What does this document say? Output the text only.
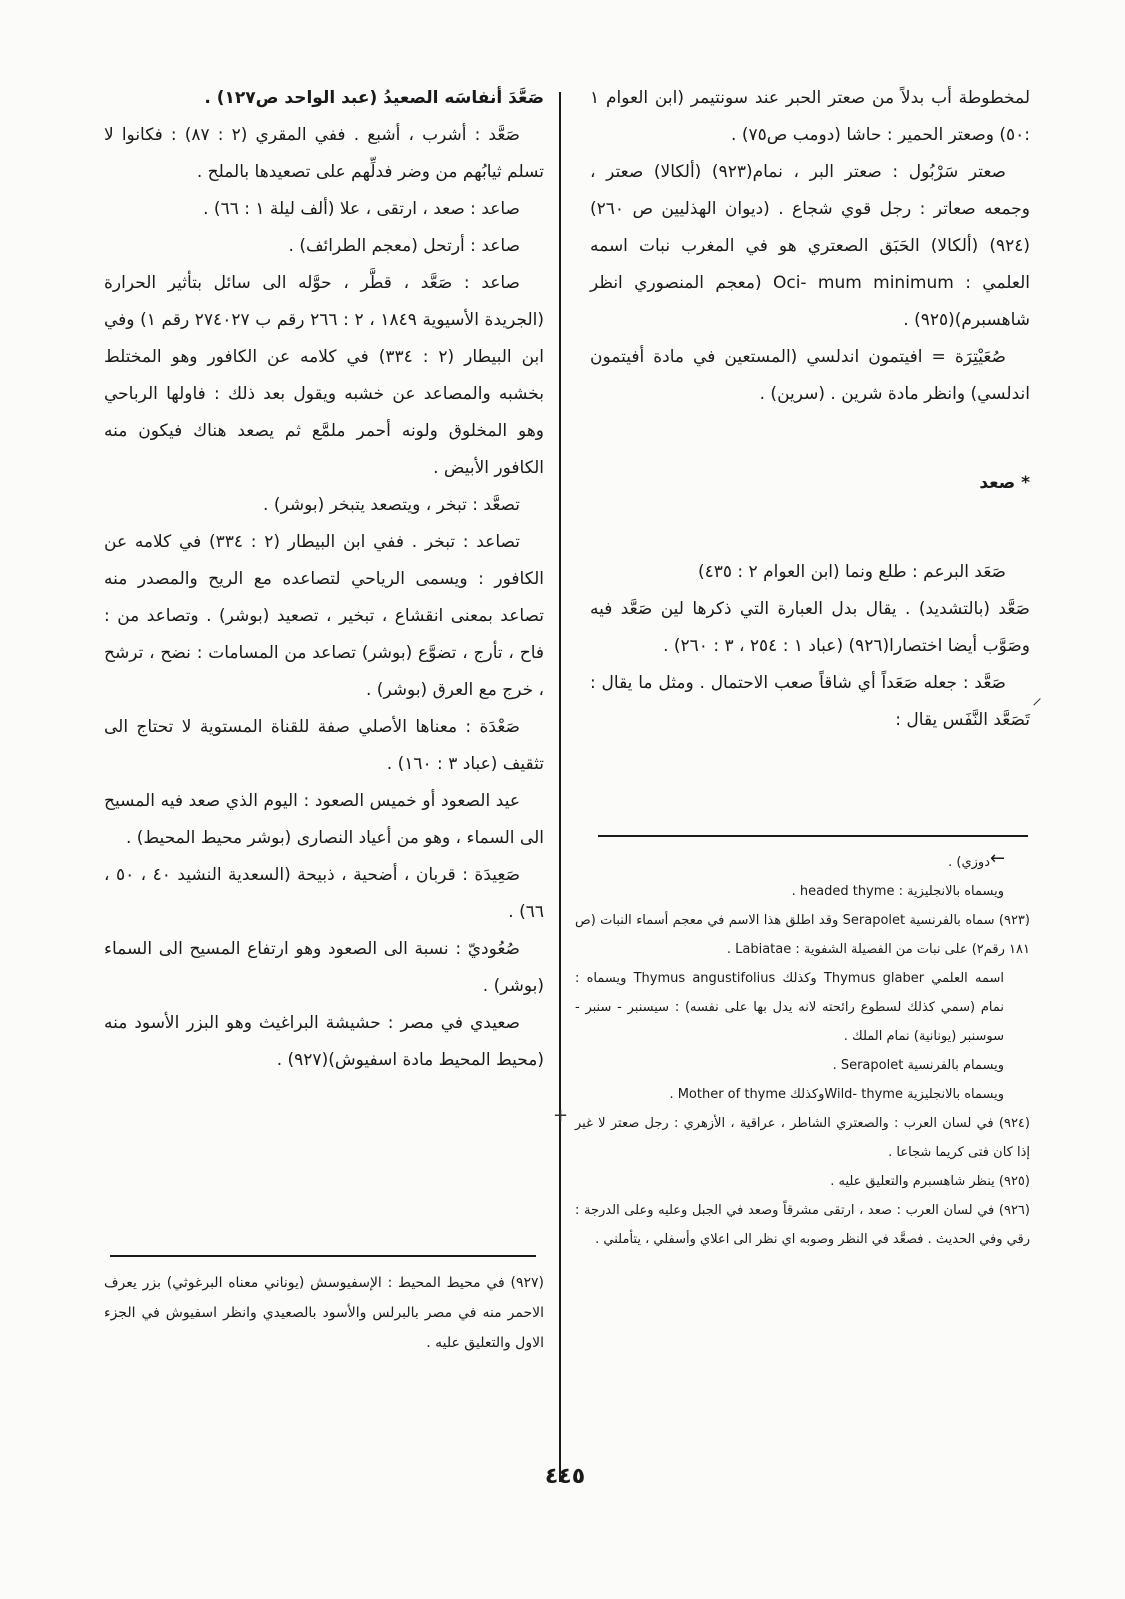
لمخطوطة أب بدلاً من صعتر الحبر عند سونتيمر (ابن العوام ١ :٥٠) وصعتر الحمير : حاشا (دومب ص٧٥) .

صعتر سَرْبُول : صعتر البر ، نمام(٩٢٣) (ألكالا) صعتر ، وجمعه صعاتر : رجل قوي شجاع . (ديوان الهذليين ص ٢٦٠)(٩٢٤) (ألكالا) الحَبَق الصعتري هو في المغرب نبات اسمه العلمي : Oci- mum minimum (معجم المنصوري انظر شاهسبرم)(٩٢٥) .

صُعَيْتِرَة = افيتمون اندلسي (المستعين في مادة أفيتمون اندلسي) وانظر مادة شرين . (سرين) .

* صعد

صَعَد البرعم : طلع ونما (ابن العوام ٢ : ٤٣٥)

صَعَّد (بالتشديد) . يقال بدل العبارة التي ذكرها لين صَعَّد فيه وصَوَّب أيضا اختصارا(٩٢٦) (عباد ١ : ٢٥٤ ، ٣ : ٢٦٠) .

صَعَّد : جعله صَعَداً أي شاقاً صعب الاحتمال . ومثل ما يقال : تَصَعَّد النَّفَس يقال :

←

دوزي) .

ويسماه بالانجليزية : headed thyme .

(٩٢٣) سماه بالفرنسية Serapolet وقد اطلق هذا الاسم في معجم أسماء النبات (ص ١٨١ رقم٢) على نبات من الفصيلة الشفوية : Labiatae .

اسمه العلمي Thymus glaber وكذلك Thymus angustifolius ويسماه : نمام (سمي كذلك لسطوع رائحته لانه يدل بها على نفسه) : سيسنبر - سنبر - سوسنبر (يونانية) نمام الملك .

ويسمام بالفرنسية Serapolet .

ويسماه بالانجليزية Wild- thymeوكذلك Mother of thyme .

(٩٢٤) في لسان العرب : والصعتري الشاطر ، عراقية ، الأزهري : رجل صعتر لا غير إذا كان فتى كريما شجاعا .

(٩٢٥) ينظر شاهسبرم والتعليق عليه .

(٩٢٦) في لسان العرب : صعد ، ارتقى مشرقاً وصعد في الجبل وعليه وعلى الدرجة : رقي وفي الحديث . فصعَّد في النظر وصوبه اي نظر الى اعلاي وأسفلي ، يتأملني .

⸝
+

صَعَّدَ أنفاسَه الصعيدُ (عبد الواحد ص١٢٧) .

صَعَّد : أشرب ، أشبع . ففي المقري (٢ : ٨٧) : فكانوا لا تسلم ثيابُهم من وضر فدلِّهم على تصعيدها بالملح .

صاعد : صعد ، ارتقى ، علا (ألف ليلة ١ : ٦٦) .

صاعد : أرتحل (معجم الطرائف) .

صاعد : صَعَّد ، قطَّر ، حوَّله الى سائل بتأثير الحرارة (الجريدة الأسيوية ١٨٤٩ ، ٢ : ٢٦٦ رقم ب ٢٧٤٠٢٧ رقم ١) وفي ابن البيطار (٢ : ٣٣٤) في كلامه عن الكافور وهو المختلط بخشبه والمصاعد عن خشبه ويقول بعد ذلك : فاولها الرباحي وهو المخلوق ولونه أحمر ملمَّع ثم يصعد هناك فيكون منه الكافور الأبيض .

تصعَّد : تبخر ، ويتصعد يتبخر (بوشر) .

تصاعد : تبخر . ففي ابن البيطار (٢ : ٣٣٤) في كلامه عن الكافور : ويسمى الرياحي لتصاعده مع الريح والمصدر منه تصاعد بمعنى انقشاع ، تبخير ، تصعيد (بوشر) . وتصاعد من : فاح ، تأرج ، تضوَّع (بوشر) تصاعد من المسامات : نضح ، ترشح ، خرج مع العرق (بوشر) .

صَعْدَة : معناها الأصلي صفة للقناة المستوية لا تحتاج الى تثقيف (عباد ٣ : ١٦٠) .

عيد الصعود أو خميس الصعود : اليوم الذي صعد فيه المسيح الى السماء ، وهو من أعياد النصارى (بوشر محيط المحيط) .

صَعِيدَة : قربان ، أضحية ، ذبيحة (السعدية النشيد ٤٠ ، ٥٠ ، ٦٦) .

صُعُوديّ : نسبة الى الصعود وهو ارتفاع المسيح الى السماء (بوشر) .

صعيدي في مصر : حشيشة البراغيث وهو البزر الأسود منه (محيط المحيط مادة اسفيوش)(٩٢٧) .

(٩٢٧) في محيط المحيط : الإسفيوسش (يوناني معناه البرغوثي) بزر يعرف الاحمر منه في مصر بالبرلس والأسود بالصعيدي وانظر اسفيوش في الجزء الاول والتعليق عليه .

٤٤٥
